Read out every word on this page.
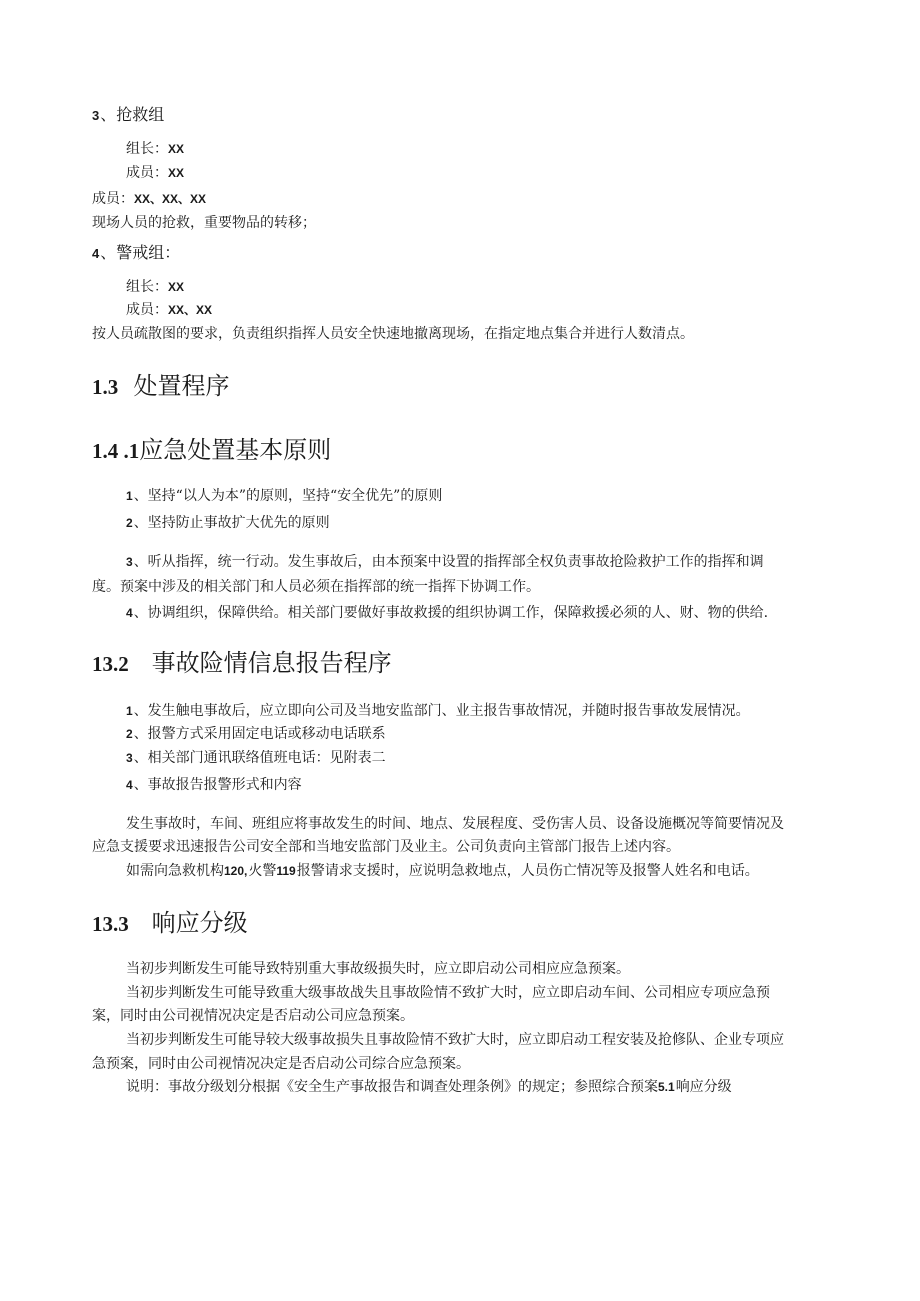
3、抢救组
组长：XX
成员：XX
成员：XX、XX、XX
现场人员的抢救，重要物品的转移；
4、警戒组：
组长：XX
成员：XX、XX
按人员疏散图的要求，负责组织指挥人员安全快速地撤离现场，在指定地点集合并进行人数清点。
1.3 处置程序
1.4 .1应急处置基本原则
1、坚持“以人为本”的原则，坚持“安全优先”的原则
2、坚持防止事故扩大优先的原则
3、听从指挥，统一行动。发生事故后，由本预案中设置的指挥部全权负责事故抢险救护工作的指挥和调
度。预案中涉及的相关部门和人员必须在指挥部的统一指挥下协调工作。
4、协调组织，保障供给。相关部门要做好事故救援的组织协调工作，保障救援必须的人、财、物的供给.
13.2 事故险情信息报告程序
1、发生触电事故后，应立即向公司及当地安监部门、业主报告事故情况，并随时报告事故发展情况。
2、报警方式采用固定电话或移动电话联系
3、相关部门通讯联络值班电话：见附表二
4、事故报告报警形式和内容
发生事故时，车间、班组应将事故发生的时间、地点、发展程度、受伤害人员、设备设施概况等简要情况及
应急支援要求迅速报告公司安全部和当地安监部门及业主。公司负责向主管部门报告上述内容。
如需向急救机构120,火警119报警请求支援时，应说明急救地点，人员伤亡情况等及报警人姓名和电话。
13.3 响应分级
当初步判断发生可能导致特别重大事故级损失时，应立即启动公司相应应急预案。
当初步判断发生可能导致重大级事故战失且事故险情不致扩大时，应立即启动车间、公司相应专项应急预
案，同时由公司视情况决定是否启动公司应急预案。
当初步判断发生可能导较大级事故损失且事故险情不致扩大时，应立即启动工程安装及抢修队、企业专项应
急预案，同时由公司视情况决定是否启动公司综合应急预案。
说明：事故分级划分根据《安全生产事故报告和调查处理条例》的规定；参照综合预案5.1响应分级
